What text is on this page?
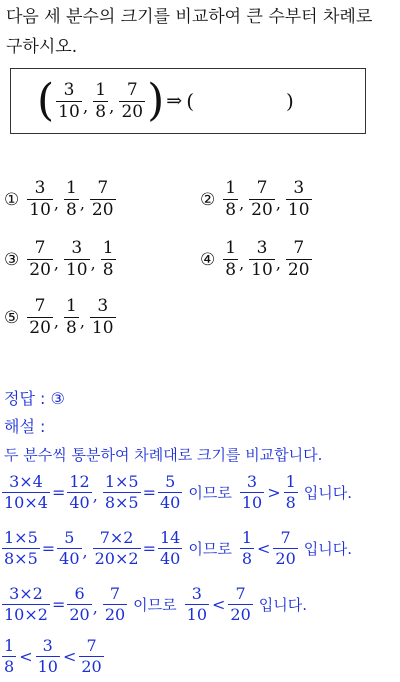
다음 세 분수의 크기를 비교하여 큰 수부터 차례로
구하시오.
( $\frac{3}{10}$ , $\frac{1}{8}$ , $\frac{7}{20}$ ) ⇒ (	)
① $\frac{3}{10}$ , $\frac{1}{8}$ , $\frac{7}{20}$	② $\frac{1}{8}$ , $\frac{7}{20}$ , $\frac{3}{10}$
③ $\frac{7}{20}$ , $\frac{3}{10}$ , $\frac{1}{8}$	④ $\frac{1}{8}$ , $\frac{3}{10}$ , $\frac{7}{20}$
⑤ $\frac{7}{20}$ , $\frac{1}{8}$ , $\frac{3}{10}$
정답 : ③
해설 :
두 분수씩 통분하여 차례대로 크기를 비교합니다.
$\frac{3\times 4}{10\times 4} = \frac{12}{40}$ , $\frac{1\times 5}{8\times 5} = \frac{5}{40}$ 이므로 $\frac{3}{10} > \frac{1}{8}$ 입니다.
$\frac{1\times 5}{8\times 5} = \frac{5}{40}$ , $\frac{7\times 2}{20\times 2} = \frac{14}{40}$ 이므로 $\frac{1}{8} < \frac{7}{20}$ 입니다.
$\frac{3\times 2}{10\times 2} = \frac{6}{20}$ , $\frac{7}{20}$ 이므로 $\frac{3}{10} < \frac{7}{20}$ 입니다.
$\frac{1}{8} < \frac{3}{10} < \frac{7}{20}$
